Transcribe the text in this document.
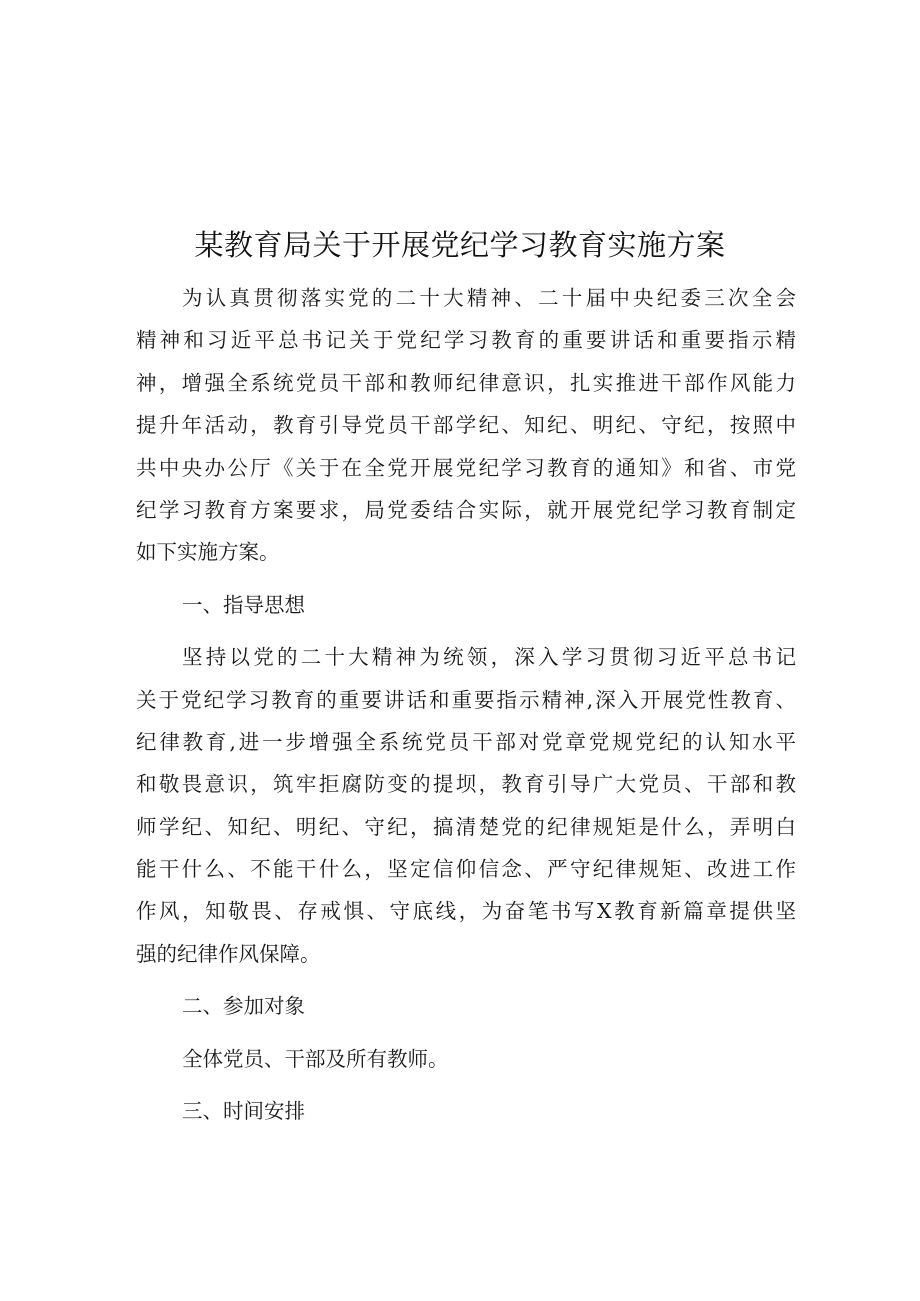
某教育局关于开展党纪学习教育实施方案
为认真贯彻落实党的二十大精神、二十届中央纪委三次全会
精神和习近平总书记关于党纪学习教育的重要讲话和重要指示精
神，增强全系统党员干部和教师纪律意识，扎实推进干部作风能力
提升年活动，教育引导党员干部学纪、知纪、明纪、守纪，按照中
共中央办公厅《关于在全党开展党纪学习教育的通知》和省、市党
纪学习教育方案要求，局党委结合实际，就开展党纪学习教育制定
如下实施方案。
一、指导思想
坚持以党的二十大精神为统领，深入学习贯彻习近平总书记
关于党纪学习教育的重要讲话和重要指示精神,深入开展党性教育、
纪律教育,进一步增强全系统党员干部对党章党规党纪的认知水平
和敬畏意识，筑牢拒腐防变的提坝，教育引导广大党员、干部和教
师学纪、知纪、明纪、守纪，搞清楚党的纪律规矩是什么，弄明白
能干什么、不能干什么，坚定信仰信念、严守纪律规矩、改进工作
作风，知敬畏、存戒惧、守底线，为奋笔书写X教育新篇章提供坚
强的纪律作风保障。
二、参加对象
全体党员、干部及所有教师。
三、时间安排
